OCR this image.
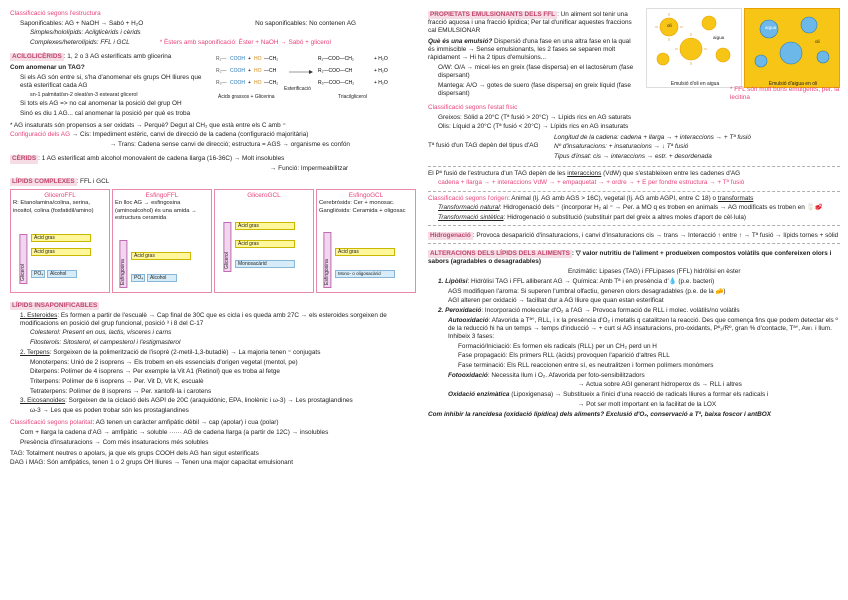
Classificació segons l'estructura
Saponificables: AG + NaOH → Sabó + H₂O	No saponificables: No contenen AG
Simples/hololípids: Acilglicèrids i cèrids
Complexes/heterolípids: FFL i GCL	* Èsters amb saponificació: Èster + NaOH → Sabó + glicerol
ACILGLICÈRIDS : 1, 2 o 3 AG esterificats amb glicerina
Com anomenar un TAG?
Si els AG són entre si, s'ha d'anomenar els grups OH lliures que està esterificat cada AG
sn-1 palmitat/sn-2 oleat/sn-3 estearat glicerol
Si tots els AG => no cal anomenar la posició del grup OH
Sinó es diu 1 AG... cal anomenar la posició per què es troba
R₁— COOH + HO —CH₂
R₂— COOH + HO —CH
R₃— COOH + HO —CH₂
R₁—COO—CH₂	+ H₂O
R₂—COO—CH	+ H₂O
R₃—COO—CH₂	+ H₂O
Àcids grassos + Glicerina
Esterificació
Triacilglicerol
* AG insaturats són propensos a ser oxidats → Perquè? Degut al CH₂ que està entre els C amb ⁼
Configuració dels AG → Cis: Impediment estèric, canvi de direcció de la cadena (configuració majoritària)
→ Trans: Cadena sense canvi de direcció; estructura = AGS → organisme es confón
CÈRIDS : 1 AG esterificat amb alcohol monovalent de cadena llarga (16-36C) → Molt insolubles
→ Funció: Impermeabilitzar
LÍPIDS COMPLEXES : FFL i GCL
GlicerоFFL
R: Etanolamina/colina, serina, inositol, colina (fosfatidil/amino)
Glicerol
Àcid gras
Àcid gras
PO₄	Alcohol
EsfingoFFL
En lloc AG → esfingosina (aminoalcohol) és una amida → estructura ceramida
Esfingosina
Àcid gras
PO₄	Alcohol
GlicerоGCL
Glicerol
Àcid gras
Àcid gras
Monosacàrid
EsfingoGCL
Cerebròsids: Cer + monosac. Gangliòsids: Ceramida + oligosac
Esfingosina
Àcid gras
Mono- o oligosacàrid
LÍPIDS INSAPONIFICABLES
1. Esteroides: Es formen a partir de l'escualè → Cap final de 30C que es cicla i es queda amb 27C → els esteroides sorgeixen de modificacions en posició del grup funcional, posició ³ i 8 del C-17
Colesterol: Present en ous, lactis, vísceres i carns
Fitosterols: Sitosterol, el campesterol i l'estigmasterol
2. Terpens: Sorgeixen de la polimerització de l'isoprè (2-metil-1,3-butadiè) → La majoria tenen ⁼ conjugats
Monoterpens: Unió de 2 isoprens → Els trobem en els essencials d'origen vegetal (mentol, pe)
Diterpens: Polímer de 4 isoprens → Per exemple la Vit A1 (Retinol) que es troba al fetge
Triterpens: Polímer de 6 isoprens → Per. Vit D, Vit K, escualè
Tetraterpens: Polímer de 8 isoprens → Per. xantofil·la i carotens
3. Eicosanoides: Sorgeixen de la ciclació dels AGPI de 20C (araquidònic, EPA, linolènic i ω-3) → Les prostaglandines
ω-3 → Les que es poden trobar són les prostaglandines
Classificació segons polaritat: AG tenen un caràcter amfipàtic dèbil → cap (apolar) i cua (polar)
Com + llarga la cadena d'AG → amfipàtic → soluble ······ AG de cadena llarga (a partir de 12C) → insolubles
Presència d'insaturacions → Com més insaturacions més solubles
TAG: Totalment neutres o apolars, ja que els grups COOH dels AG han sigut esterificats
DAG i MAG: Són amfipàtics, tenen 1 o 2 grups OH lliures → Tenen una major capacitat emulsionant
PROPIETATS EMULSIONANTS DELS FFL : Un aliment sol tenir una fracció aquosa i una fracció lipídica; Per tal d'unificar aquestes fraccions cal EMULSIONAR
Què és una emulsió? Dispersió d'una fase en una altra fase en la qual és immiscible → Sense emulsionants, les 2 fases se separen molt ràpidament → Hi ha 2 tipus d'emulsions...
O/W: O/A → micel·les en greix (fase dispersa) en el lactosèrum (fase dispersant)
Mantega: A/O → gotes de suero (fase dispersa) en greix líquid (fase dispersant)
oli
aigua
Emulsió d'oli en aigua
aigua
oli
Emulsió d'aigua en oli
* FFL són molt bons emulgents, per. la lecitina
Classificació segons l'estat físic
Greixos: Sòlid a 20°C (Tª fusió > 20°C) → Lípids rics en AG saturats
Olis: Líquid a 20°C (Tª fusió < 20°C) → Lípids rics en AG insaturats
Tª fusió d'un TAG depèn del tipus d'AG
Longitud de la cadena: cadena + llarga → + interaccions → + Tª fusió
Nº d'insaturacions: + insaturacions → ↓ Tª fusió
Tipus d'insat: cis → interaccions → estr. + desordenada
El Pº fusió de l'estructura d'un TAG depèn de les interaccions (VdW) que s'estableixen entre les cadenes d'AG
cadena + llarga → + interaccions VdW → + empaquetat → + ordre → + E per fondre estructura → + Tª fusió
Classificació segons l'origen: Animal (Ij. AG amb AGS > 16C), vegetal (Ij. AG amb AGPI, entre C 18) o transformats
Transformació natural: Hidrogenació dels ⁼ (incorporar H₂ al ⁼ → Per. a MO q es troben en animals → AG modificats es troben en 🥛🥩
Transformació sintètica: Hidrogenació o substitució (substituir part del greix a altres moles d'aport de cèl·lula)
Hidrogenació : Provoca desaparició d'insaturacions, i canvi d'insaturacions cis → trans → Interacció ↑ entre ↑ → Tª fusió → lípids tornes + sòlid
ALTERACIONS DELS LÍPIDS DELS ALIMENTS : ▽ valor nutritiu de l'aliment + produeixen compostos volàtils que confereixen olors i sabors (agradables o desagradables)
Enzimàtic: Lipases (TAG) i FFLipases (FFL) hidròlisi en èster
1. Lipòlisi: Hidròlisi TAG i FFL alliberant AG → Química: Amb Tª i en presència d'💧 (p.e. bacteri)
AGS modifiquen l'aroma: Si superen l'umbral olfactiu, generen olors desagradables (p.e. de la 🧀)
AGI alteren per oxidació → facilitat dur a AG lliure que quan estan esterificat
2. Peroxidació: Incorporació molecular d'O₂ a l'AG → Provoca formació de RLL i molec. volàtils/no volàtils
Autooxidació: Afavorida a Tª°, RLL, i x la presència d'O₂ i metalls q catalitzen la reacció. Des que comença fins que podem detectar els º de la reducció hi ha un temps → temps d'inducció → + curt si AG insaturacions, pro-oxidants, Pº₂/Rº, gran % d'contacte, Tª°, Aw↓ i llum. Inhibeix 3 fases:
Formació/Iniciació: Es formen els radicals (RLL) per un CH₂ perd un H
Fase propagació: Els primers RLL (àcids) provoquen l'aparició d'altres RLL
Fase terminació: Els RLL reaccionen entre sí, es neutralitzen i formen polímers monòmers
Fotooxidació: Necessita llum i O₂. Afavorida per foto-sensibilitzadors
→ Actua sobre AGI generant hidroperox ds → RLL i altres
Oxidació enzimàtica (Lipoxigenasa) → Substitueix a l'inici d'una reacció de radicals lliures a formar els radicals i
→ Pot ser molt important en la facilitat de la LOX
Com inhibir la rancidesa (oxidació lipídica) dels aliments? Exclusió d'O₂, conservació a Tª, baixa foscor i antBOX
